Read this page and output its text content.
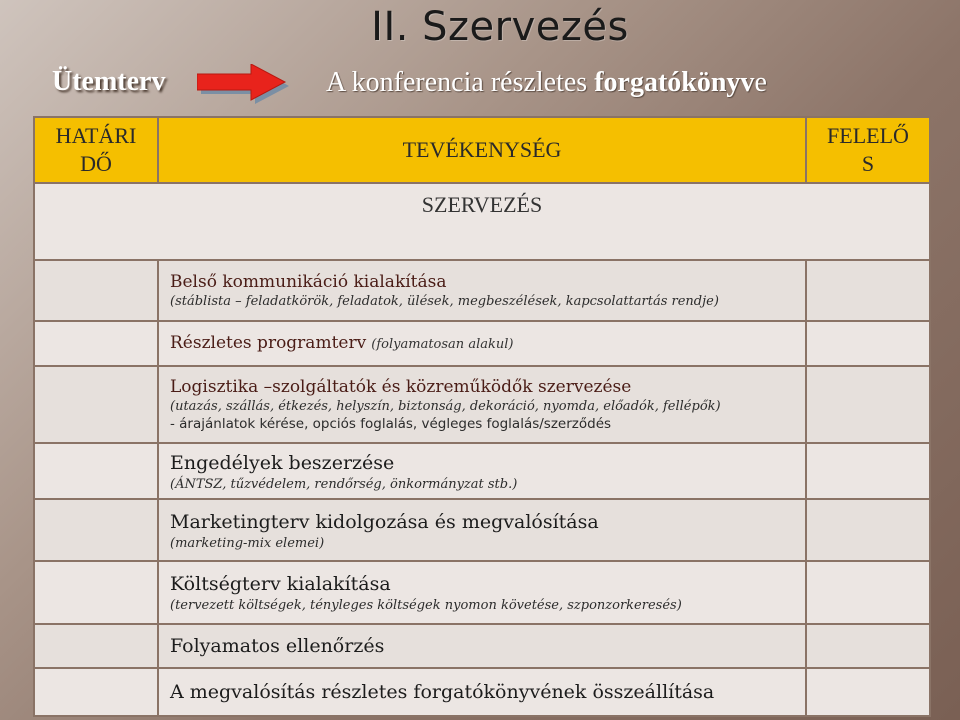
II. Szervezés
Ütemterv	A konferencia részletes forgatókönyve
HATÁRI
DŐ	TEVÉKENYSÉG	FELELŐ
S
SZERVEZÉS		

	Belső kommunikáció kialakítása
(stáblista – feladatkörök, feladatok, ülések, megbeszélések, kapcsolattartás rendje)	

	Részletes programterv (folyamatosan alakul)	

	Logisztika –szolgáltatók és közreműködők szervezése
(utazás, szállás, étkezés, helyszín, biztonság, dekoráció, nyomda, előadók, fellépők)
- árajánlatok kérése, opciós foglalás, végleges foglalás/szerződés	

	Engedélyek beszerzése
(ÁNTSZ, tűzvédelem, rendőrség, önkormányzat stb.)	

	Marketingterv kidolgozása és megvalósítása
(marketing-mix elemei)	

	Költségterv kialakítása
(tervezett költségek, tényleges költségek nyomon követése, szponzorkeresés)	

	Folyamatos ellenőrzés	

	A megvalósítás részletes forgatókönyvének összeállítása	
